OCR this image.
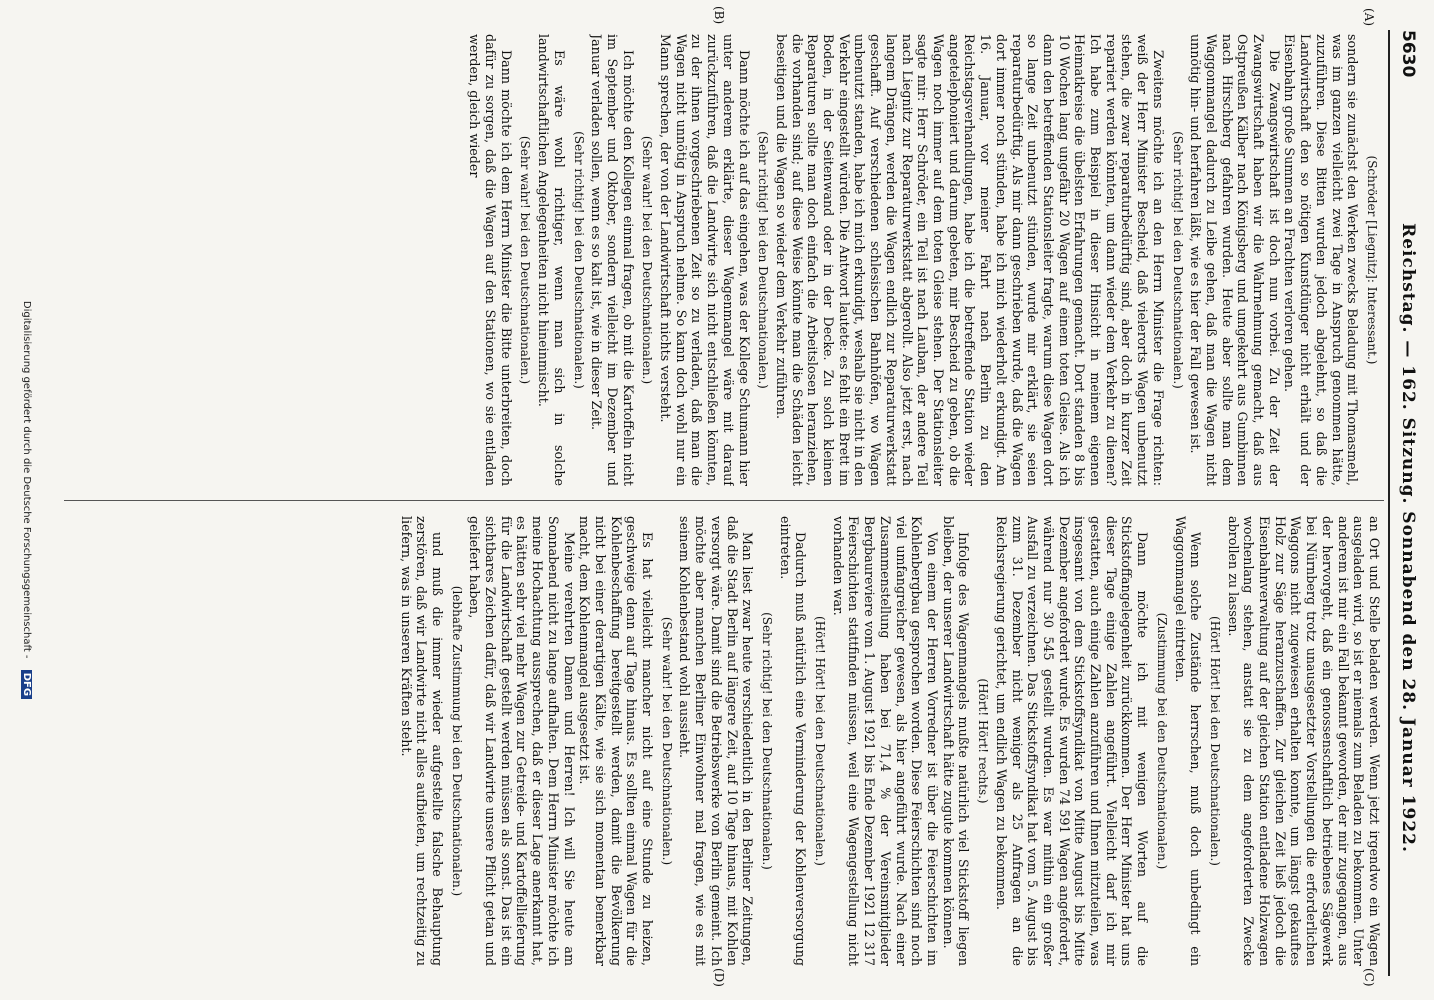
5630
Reichstag. — 162. Sitzung. Sonnabend den 28. Januar 1922.
(A)
(B)
(C)
(D)
(Schröder [Liegnitz]: Interessant.)

sondern sie zunächst den Werken zwecks Beladung mit Thomasmehl, was im ganzen vielleicht zwei Tage in Anspruch genommen hätte, zuzuführen. Diese Bitten wurden jedoch abgelehnt, so daß die Landwirtschaft den so nötigen Kunstdünger nicht erhält und der Eisenbahn große Summen an Frachten verloren gehen.

Die Zwangswirtschaft ist doch nun vorbei. Zu der Zeit der Zwangswirtschaft haben wir die Wahrnehmung gemacht, daß aus Ostpreußen Kälber nach Königsberg und umgekehrt aus Gumbinnen nach Hirschberg gefahren wurden. Heute aber sollte man dem Waggonmangel dadurch zu Leibe gehen, daß man die Wagen nicht unnötig hin- und herfahren läßt, wie es hier der Fall gewesen ist.

(Sehr richtig! bei den Deutschnationalen.)

Zweitens möchte ich an den Herrn Minister die Frage richten: weiß der Herr Minister Bescheid, daß vielerorts Wagen unbenutzt stehen, die zwar reparaturbedürftig sind, aber doch in kurzer Zeit repariert werden könnten, um dann wieder dem Verkehr zu dienen? Ich habe zum Beispiel in dieser Hinsicht in meinem eigenen Heimatkreise die übelsten Erfahrungen gemacht. Dort standen 8 bis 10 Wochen lang ungefähr 20 Wagen auf einem toten Gleise. Als ich dann den betreffenden Stationsleiter fragte, warum diese Wagen dort so lange Zeit unbenutzt stünden, wurde mir erklärt, sie seien reparaturbedürftig. Als mir dann geschrieben wurde, daß die Wagen dort immer noch stünden, habe ich mich wiederholt erkundigt. Am 16. Januar, vor meiner Fahrt nach Berlin zu den Reichstagsverhandlungen, habe ich die betreffende Station wieder angetelephoniert und darum gebeten, mir Bescheid zu geben, ob die Wagen noch immer auf dem toten Gleise stehen. Der Stationsleiter sagte mir: Herr Schröder, ein Teil ist nach Lauban, der andere Teil nach Liegnitz zur Reparaturwerkstatt abgerollt. Also jetzt erst, nach langem Drängen, werden die Wagen endlich zur Reparaturwerkstatt geschafft. Auf verschiedenen schlesischen Bahnhöfen, wo Wagen unbenutzt standen, habe ich mich erkundigt, weshalb sie nicht in den Verkehr eingestellt würden. Die Antwort lautete: es fehlt ein Brett im Boden, in der Seitenwand oder in der Decke. Zu solch kleinen Reparaturen sollte man doch einfach die Arbeitslosen heranziehen, die vorhanden sind; auf diese Weise könnte man die Schäden leicht beseitigen und die Wagen so wieder dem Verkehr zuführen.

(Sehr richtig! bei den Deutschnationalen.)

Dann möchte ich auf das eingehen, was der Kollege Schumann hier unter anderem erklärte, dieser Wagenmangel wäre mit darauf zurückzuführen, daß die Landwirte sich nicht entschließen könnten, zu der ihnen vorgeschriebenen Zeit so zu verladen, daß man die Wagen nicht unnötig in Anspruch nehme. So kann doch wohl nur ein Mann sprechen, der von der Landwirtschaft nichts versteht.

(Sehr wahr! bei den Deutschnationalen.)

Ich möchte den Kollegen einmal fragen, ob mit die Kartoffeln nicht im September und Oktober, sondern vielleicht im Dezember und Januar verladen sollen, wenn es so kalt ist, wie in dieser Zeit.

(Sehr richtig! bei den Deutschnationalen.)

Es wäre wohl richtiger, wenn man sich in solche landwirtschaftlichen Angelegenheiten nicht hineinmischt.

(Sehr wahr! bei den Deutschnationalen.)

Dann möchte ich dem Herrn Minister die Bitte unterbreiten, doch dafür zu sorgen, daß die Wagen auf den Stationen, wo sie entladen werden, gleich wieder

an Ort und Stelle beladen werden. Wenn jetzt irgendwo ein Wagen ausgeladen wird, so ist er niemals zum Beladen zu bekommen. Unter anderem ist mir ein Fall bekannt geworden, der mir zugegangen, aus der hervorgeht, daß ein genossenschaftlich betriebenes Sägewerk bei Nürnberg trotz unausgesetzter Vorstellungen die erforderlichen Waggons nicht zugewiesen erhalten konnte, um längst gekauftes Holz zur Säge heranzuschaffen. Zur gleichen Zeit ließ jedoch die Eisenbahnverwaltung auf der gleichen Station entladene Holzwagen wochenlang stehen, anstatt sie zu dem angeforderten Zwecke abrollen zu lassen.

(Hört! Hört! bei den Deutschnationalen.)

Wenn solche Zustände herrschen, muß doch unbedingt ein Waggonmangel eintreten.

(Zustimmung bei den Deutschnationalen.)

Dann möchte ich mit wenigen Worten auf die Stickstoffangelegenheit zurückkommen. Der Herr Minister hat uns dieser Tage einige Zahlen angeführt. Vielleicht darf ich mir gestatten, auch einige Zahlen anzuführen und Ihnen mitzuteilen, was insgesamt von dem Stickstoffsyndikat von Mitte August bis Mitte Dezember angefordert wurde. Es wurden 74 591 Wagen angefordert, während nur 30 545 gestellt wurden. Es war mithin ein großer Ausfall zu verzeichnen. Das Stickstoffsyndikat hat vom 5. August bis zum 31. Dezember nicht weniger als 25 Anfragen an die Reichsregierung gerichtet, um endlich Wagen zu bekommen.

(Hört! Hört! rechts.)

Infolge des Wagenmangels mußte natürlich viel Stickstoff liegen bleiben, der unserer Landwirtschaft hätte zugute kommen können.

Von einem der Herren Vorredner ist über die Feierschichten im Kohlenbergbau gesprochen worden. Diese Feierschichten sind noch viel umfangreicher gewesen, als hier angeführt wurde. Nach einer Zusammenstellung haben bei 71,4 % der Vereinsmitglieder Bergbaureviere vom 1. August 1921 bis Ende Dezember 1921 12 317 Feierschichten stattfinden müssen, weil eine Wagengestellung nicht vorhanden war.

(Hört! Hört! bei den Deutschnationalen.)

Dadurch muß natürlich eine Verminderung der Kohlenversorgung eintreten.

(Sehr richtig! bei den Deutschnationalen.)

Man liest zwar heute verschiedentlich in den Berliner Zeitungen, daß die Stadt Berlin auf längere Zeit, auf 10 Tage hinaus, mit Kohlen versorgt wäre. Damit sind die Betriebswerke von Berlin gemeint. Ich möchte aber manchen Berliner Einwohner mal fragen, wie es mit seinem Kohlenbestand wohl aussieht.

(Sehr wahr! bei den Deutschnationalen.)

Es hat vielleicht mancher nicht auf eine Stunde zu heizen, geschweige denn auf Tage hinaus. Es sollten einmal Wagen für die Kohlenbeschaffung bereitgestellt werden, damit die Bevölkerung nicht bei einer derartigen Kälte, wie sie sich momentan bemerkbar macht, dem Kohlenmangel ausgesetzt ist.

Meine verehrten Damen und Herren! Ich will Sie heute am Sonnabend nicht zu lange aufhalten. Dem Herrn Minister möchte ich meine Hochachtung aussprechen, daß er dieser Lage anerkannt hat, es hätten sehr viel mehr Wagen zur Getreide- und Kartoffellieferung für die Landwirtschaft gestellt werden müssen als sonst. Das ist ein sichtbares Zeichen dafür, daß wir Landwirte unsere Pflicht getan und geliefert haben,

(lebhafte Zustimmung bei den Deutschnationalen.)

und muß die immer wieder aufgestellte falsche Behauptung zerstören, daß wir Landwirte nicht alles aufbieten, um rechtzeitig zu liefern, was in unseren Kräften steht.

Digitalisierung gefördert durch die Deutsche Forschungsgemeinschaft - DFG
